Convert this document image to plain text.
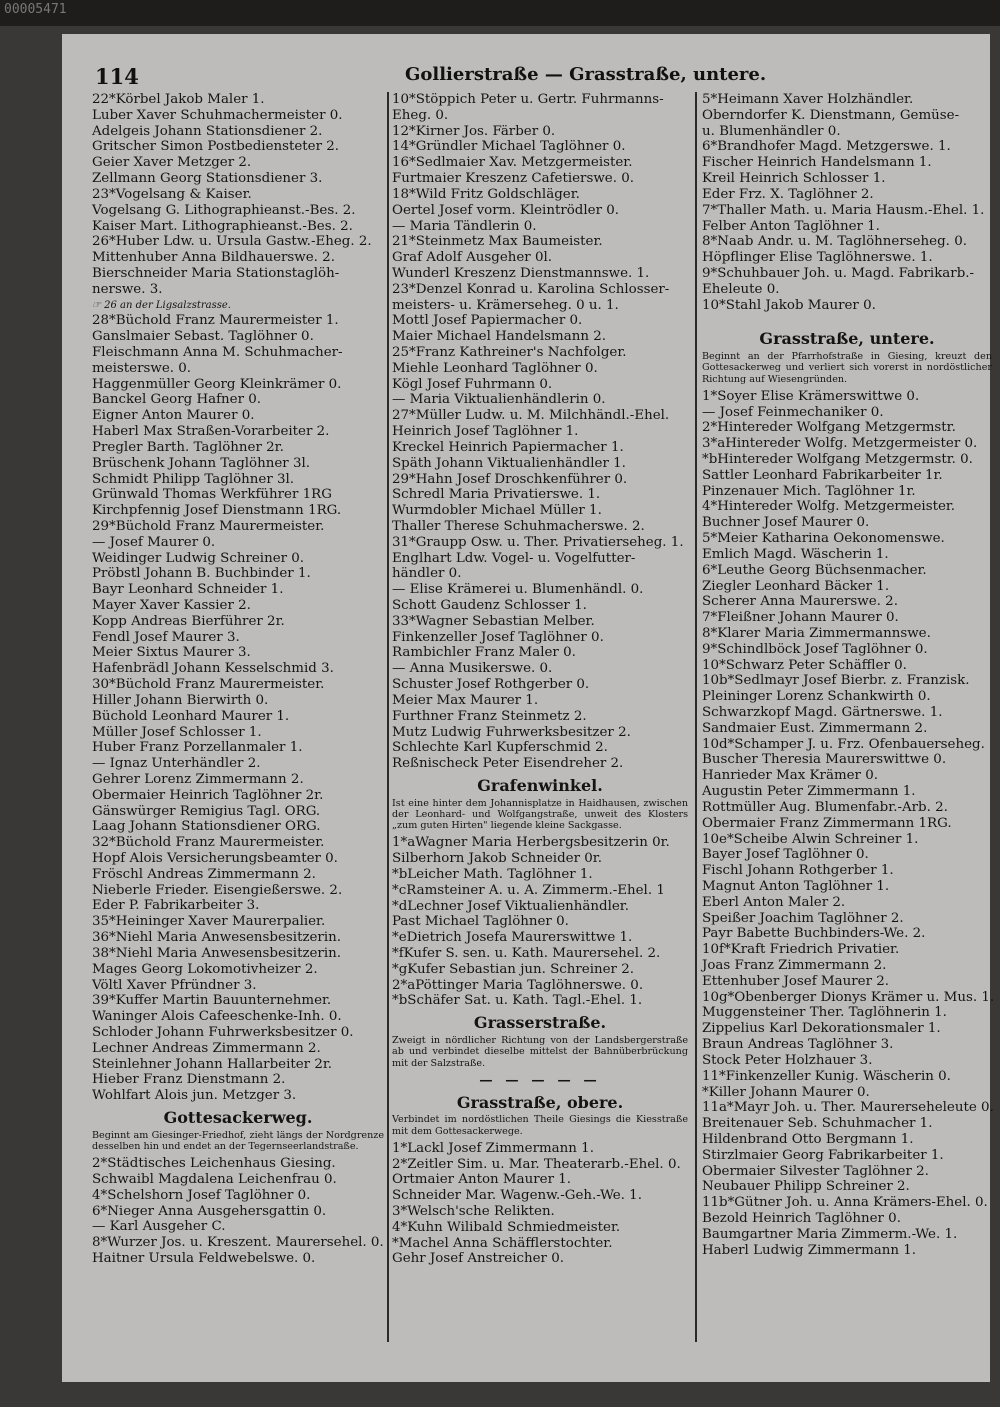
00005471
114	Gollierstraße — Grasstraße, untere.
22*Körbel Jakob Maler 1.
Luber Xaver Schuhmachermeister 0.
Adelgeis Johann Stationsdiener 2.
Gritscher Simon Postbediensteter 2.
Geier Xaver Metzger 2.
Zellmann Georg Stationsdiener 3.
23*Vogelsang & Kaiser.
Vogelsang G. Lithographieanst.-Bes. 2.
Kaiser Mart. Lithographieanst.-Bes. 2.
26*Huber Ldw. u. Ursula Gastw.-Eheg. 2.
Mittenhuber Anna Bildhauerswe. 2.
Bierschneider Maria Stationstaglöh-
nerswe. 3.
☞ 26 an der Ligsalzstrasse.
28*Büchold Franz Maurermeister 1.
Ganslmaier Sebast. Taglöhner 0.
Fleischmann Anna M. Schuhmacher-
meisterswe. 0.
Haggenmüller Georg Kleinkrämer 0.
Banckel Georg Hafner 0.
Eigner Anton Maurer 0.
Haberl Max Straßen-Vorarbeiter 2.
Pregler Barth. Taglöhner 2r.
Brüschenk Johann Taglöhner 3l.
Schmidt Philipp Taglöhner 3l.
Grünwald Thomas Werkführer 1RG
Kirchpfennig Josef Dienstmann 1RG.
29*Büchold Franz Maurermeister.
— Josef Maurer 0.
Weidinger Ludwig Schreiner 0.
Pröbstl Johann B. Buchbinder 1.
Bayr Leonhard Schneider 1.
Mayer Xaver Kassier 2.
Kopp Andreas Bierführer 2r.
Fendl Josef Maurer 3.
Meier Sixtus Maurer 3.
Hafenbrädl Johann Kesselschmid 3.
30*Büchold Franz Maurermeister.
Hiller Johann Bierwirth 0.
Büchold Leonhard Maurer 1.
Müller Josef Schlosser 1.
Huber Franz Porzellanmaler 1.
— Ignaz Unterhändler 2.
Gehrer Lorenz Zimmermann 2.
Obermaier Heinrich Taglöhner 2r.
Gänswürger Remigius Tagl. ORG.
Laag Johann Stationsdiener ORG.
32*Büchold Franz Maurermeister.
Hopf Alois Versicherungsbeamter 0.
Fröschl Andreas Zimmermann 2.
Nieberle Frieder. Eisengießerswe. 2.
Eder P. Fabrikarbeiter 3.
35*Heininger Xaver Maurerpalier.
36*Niehl Maria Anwesensbesitzerin.
38*Niehl Maria Anwesensbesitzerin.
Mages Georg Lokomotivheizer 2.
Völtl Xaver Pfründner 3.
39*Kuffer Martin Bauunternehmer.
Waninger Alois Cafeeschenke-Inh. 0.
Schloder Johann Fuhrwerksbesitzer 0.
Lechner Andreas Zimmermann 2.
Steinlehner Johann Hallarbeiter 2r.
Hieber Franz Dienstmann 2.
Wohlfart Alois jun. Metzger 3.
Gottesackerweg.
Beginnt am Giesinger-Friedhof, zieht längs der Nordgrenze desselben hin und endet an der Tegernseerlandstraße.
2*Städtisches Leichenhaus Giesing.
Schwaibl Magdalena Leichenfrau 0.
4*Schelshorn Josef Taglöhner 0.
6*Nieger Anna Ausgehersgattin 0.
— Karl Ausgeher C.
8*Wurzer Jos. u. Kreszent. Maurersehel. 0.
Haitner Ursula Feldwebelswe. 0.
10*Stöppich Peter u. Gertr. Fuhrmanns-
Eheg. 0.
12*Kirner Jos. Färber 0.
14*Gründler Michael Taglöhner 0.
16*Sedlmaier Xav. Metzgermeister.
Furtmaier Kreszenz Cafetierswe. 0.
18*Wild Fritz Goldschläger.
Oertel Josef vorm. Kleintrödler 0.
— Maria Tändlerin 0.
21*Steinmetz Max Baumeister.
Graf Adolf Ausgeher 0l.
Wunderl Kreszenz Dienstmannswe. 1.
23*Denzel Konrad u. Karolina Schlosser-
meisters- u. Krämerseheg. 0 u. 1.
Mottl Josef Papiermacher 0.
Maier Michael Handelsmann 2.
25*Franz Kathreiner's Nachfolger.
Miehle Leonhard Taglöhner 0.
Kögl Josef Fuhrmann 0.
— Maria Viktualienhändlerin 0.
27*Müller Ludw. u. M. Milchhändl.-Ehel.
Heinrich Josef Taglöhner 1.
Kreckel Heinrich Papiermacher 1.
Späth Johann Viktualienhändler 1.
29*Hahn Josef Droschkenführer 0.
Schredl Maria Privatierswe. 1.
Wurmdobler Michael Müller 1.
Thaller Therese Schuhmacherswe. 2.
31*Graupp Osw. u. Ther. Privatierseheg. 1.
Englhart Ldw. Vogel- u. Vogelfutter-
händler 0.
— Elise Krämerei u. Blumenhändl. 0.
Schott Gaudenz Schlosser 1.
33*Wagner Sebastian Melber.
Finkenzeller Josef Taglöhner 0.
Rambichler Franz Maler 0.
— Anna Musikerswe. 0.
Schuster Josef Rothgerber 0.
Meier Max Maurer 1.
Furthner Franz Steinmetz 2.
Mutz Ludwig Fuhrwerksbesitzer 2.
Schlechte Karl Kupferschmid 2.
Reßnischeck Peter Eisendreher 2.
Grafenwinkel.
Ist eine hinter dem Johannisplatze in Haidhausen, zwischen der Leonhard- und Wolfgangstraße, unweit des Klosters „zum guten Hirten" liegende kleine Sackgasse.
1*aWagner Maria Herbergsbesitzerin 0r.
Silberhorn Jakob Schneider 0r.
*bLeicher Math. Taglöhner 1.
*cRamsteiner A. u. A. Zimmerm.-Ehel. 1
*dLechner Josef Viktualienhändler.
Past Michael Taglöhner 0.
*eDietrich Josefa Maurerswittwe 1.
*fKufer S. sen. u. Kath. Maurersehel. 2.
*gKufer Sebastian jun. Schreiner 2.
2*aPöttinger Maria Taglöhnerswe. 0.
*bSchäfer Sat. u. Kath. Tagl.-Ehel. 1.
Grasserstraße.
Zweigt in nördlicher Richtung von der Landsbergerstraße ab und verbindet dieselbe mittelst der Bahnüberbrückung mit der Salzstraße.
— — — — —
Grasstraße, obere.
Verbindet im nordöstlichen Theile Giesings die Kiesstraße mit dem Gottesackerwege.
1*Lackl Josef Zimmermann 1.
2*Zeitler Sim. u. Mar. Theaterarb.-Ehel. 0.
Ortmaier Anton Maurer 1.
Schneider Mar. Wagenw.-Geh.-We. 1.
3*Welsch'sche Relikten.
4*Kuhn Wilibald Schmiedmeister.
*Machel Anna Schäfflerstochter.
Gehr Josef Anstreicher 0.
5*Heimann Xaver Holzhändler.
Oberndorfer K. Dienstmann, Gemüse-
u. Blumenhändler 0.
6*Brandhofer Magd. Metzgerswe. 1.
Fischer Heinrich Handelsmann 1.
Kreil Heinrich Schlosser 1.
Eder Frz. X. Taglöhner 2.
7*Thaller Math. u. Maria Hausm.-Ehel. 1.
Felber Anton Taglöhner 1.
8*Naab Andr. u. M. Taglöhnerseheg. 0.
Höpflinger Elise Taglöhnerswe. 1.
9*Schuhbauer Joh. u. Magd. Fabrikarb.-
Eheleute 0.
10*Stahl Jakob Maurer 0.
Grasstraße, untere.
Beginnt an der Pfarrhofstraße in Giesing, kreuzt den Gottesackerweg und verliert sich vorerst in nordöstlicher Richtung auf Wiesengründen.
1*Soyer Elise Krämerswittwe 0.
— Josef Feinmechaniker 0.
2*Hintereder Wolfgang Metzgermstr.
3*aHintereder Wolfg. Metzgermeister 0.
*bHintereder Wolfgang Metzgermstr. 0.
Sattler Leonhard Fabrikarbeiter 1r.
Pinzenauer Mich. Taglöhner 1r.
4*Hintereder Wolfg. Metzgermeister.
Buchner Josef Maurer 0.
5*Meier Katharina Oekonomenswe.
Emlich Magd. Wäscherin 1.
6*Leuthe Georg Büchsenmacher.
Ziegler Leonhard Bäcker 1.
Scherer Anna Maurerswe. 2.
7*Fleißner Johann Maurer 0.
8*Klarer Maria Zimmermannswe.
9*Schindlböck Josef Taglöhner 0.
10*Schwarz Peter Schäffler 0.
10b*Sedlmayr Josef Bierbr. z. Franzisk.
Pleininger Lorenz Schankwirth 0.
Schwarzkopf Magd. Gärtnerswe. 1.
Sandmaier Eust. Zimmermann 2.
10d*Schamper J. u. Frz. Ofenbauerseheg.
Buscher Theresia Maurerswittwe 0.
Hanrieder Max Krämer 0.
Augustin Peter Zimmermann 1.
Rottmüller Aug. Blumenfabr.-Arb. 2.
Obermaier Franz Zimmermann 1RG.
10e*Scheibe Alwin Schreiner 1.
Bayer Josef Taglöhner 0.
Fischl Johann Rothgerber 1.
Magnut Anton Taglöhner 1.
Eberl Anton Maler 2.
Speißer Joachim Taglöhner 2.
Payr Babette Buchbinders-We. 2.
10f*Kraft Friedrich Privatier.
Joas Franz Zimmermann 2.
Ettenhuber Josef Maurer 2.
10g*Obenberger Dionys Krämer u. Mus. 1.
Muggensteiner Ther. Taglöhnerin 1.
Zippelius Karl Dekorationsmaler 1.
Braun Andreas Taglöhner 3.
Stock Peter Holzhauer 3.
11*Finkenzeller Kunig. Wäscherin 0.
*Killer Johann Maurer 0.
11a*Mayr Joh. u. Ther. Maurerseheleute 0.
Breitenauer Seb. Schuhmacher 1.
Hildenbrand Otto Bergmann 1.
Stirzlmaier Georg Fabrikarbeiter 1.
Obermaier Silvester Taglöhner 2.
Neubauer Philipp Schreiner 2.
11b*Gütner Joh. u. Anna Krämers-Ehel. 0.
Bezold Heinrich Taglöhner 0.
Baumgartner Maria Zimmerm.-We. 1.
Haberl Ludwig Zimmermann 1.
